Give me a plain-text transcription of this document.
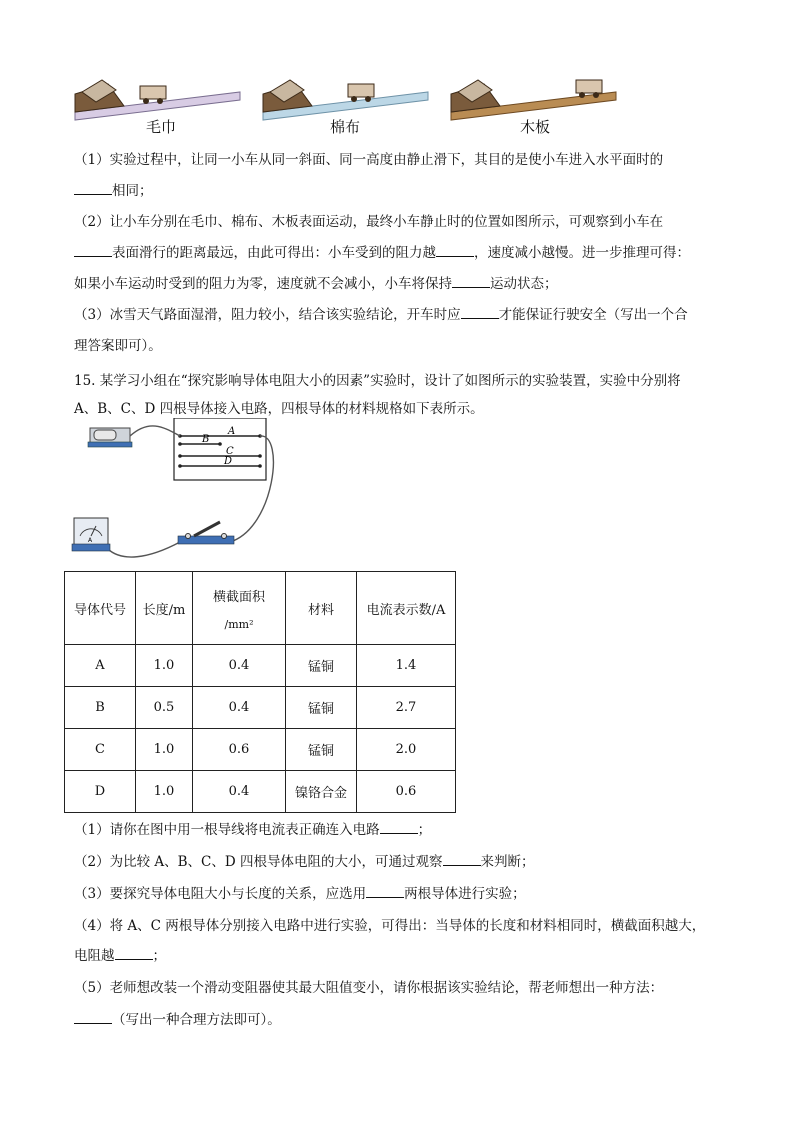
毛巾	棉布	木板
（1）实验过程中，让同一小车从同一斜面、同一高度由静止滑下，其目的是使小车进入水平面时的
相同；
（2）让小车分别在毛巾、棉布、木板表面运动，最终小车静止时的位置如图所示，可观察到小车在
表面滑行的距离最远，由此可得出：小车受到的阻力越	，速度减小越慢。进一步推理可得：
如果小车运动时受到的阻力为零，速度就不会减小，小车将保持	运动状态；
（3）冰雪天气路面湿滑，阻力较小，结合该实验结论，开车时应	才能保证行驶安全（写出一个合
理答案即可）。
15. 某学习小组在“探究影响导体电阻大小的因素”实验时，设计了如图所示的实验装置，实验中分别将
A、B、C、D 四根导体接入电路，四根导体的材料规格如下表所示。
A
B
C
D
A
导体代号	长度/m	横截面积
/mm²	材料	电流表示数/A
A	1.0	0.4	锰铜	1.4
B	0.5	0.4	锰铜	2.7
C	1.0	0.6	锰铜	2.0
D	1.0	0.4	镍铬合金	0.6
（1）请你在图中用一根导线将电流表正确连入电路	；
（2）为比较 A、B、C、D 四根导体电阻的大小，可通过观察	来判断；
（3）要探究导体电阻大小与长度的关系，应选用	两根导体进行实验；
（4）将 A、C 两根导体分别接入电路中进行实验，可得出：当导体的长度和材料相同时，横截面积越大，
电阻越	；
（5）老师想改装一个滑动变阻器使其最大阻值变小，请你根据该实验结论，帮老师想出一种方法：
（写出一种合理方法即可）。
